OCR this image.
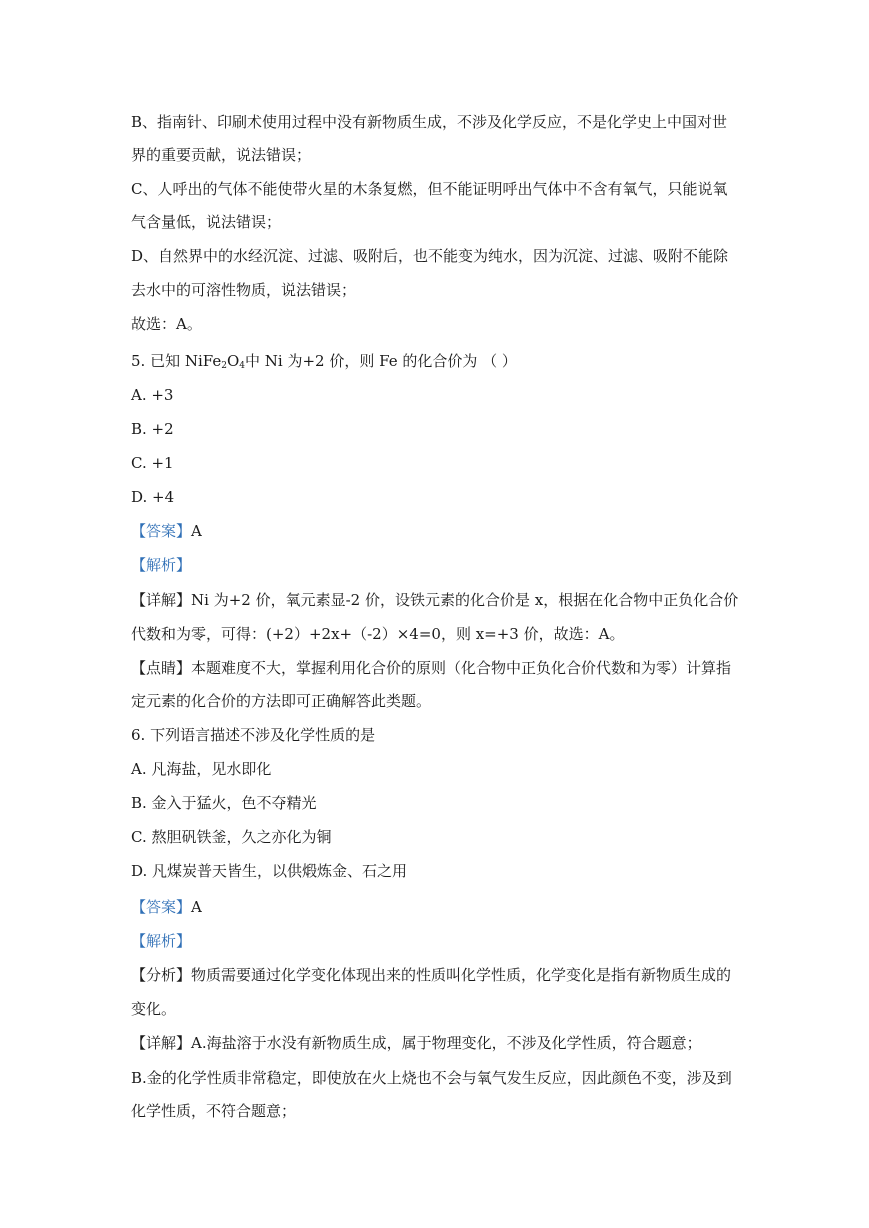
B、指南针、印刷术使用过程中没有新物质生成，不涉及化学反应，不是化学史上中国对世
界的重要贡献，说法错误；
C、人呼出的气体不能使带火星的木条复燃，但不能证明呼出气体中不含有氧气，只能说氧
气含量低，说法错误；
D、自然界中的水经沉淀、过滤、吸附后，也不能变为纯水，因为沉淀、过滤、吸附不能除
去水中的可溶性物质，说法错误；
故选：A。
5. 已知 $NiFe_2O_4$中 Ni 为+2 价，则 Fe 的化合价为 （ ）
A. +3
B. +2
C. +1
D. +4
【答案】A
【解析】
【详解】Ni 为+2 价，氧元素显-2 价，设铁元素的化合价是 x，根据在化合物中正负化合价
代数和为零，可得：(+2）+2x+（-2）×4=0，则 x=+3 价，故选：A。
【点睛】本题难度不大，掌握利用化合价的原则（化合物中正负化合价代数和为零）计算指
定元素的化合价的方法即可正确解答此类题。
6. 下列语言描述不涉及化学性质的是
A. 凡海盐，见水即化
B. 金入于猛火，色不夺精光
C. 熬胆矾铁釜，久之亦化为铜
D. 凡煤炭普天皆生，以供煅炼金、石之用
【答案】A
【解析】
【分析】物质需要通过化学变化体现出来的性质叫化学性质，化学变化是指有新物质生成的
变化。
【详解】A.海盐溶于水没有新物质生成，属于物理变化，不涉及化学性质，符合题意；
B.金的化学性质非常稳定，即使放在火上烧也不会与氧气发生反应，因此颜色不变，涉及到
化学性质，不符合题意；
